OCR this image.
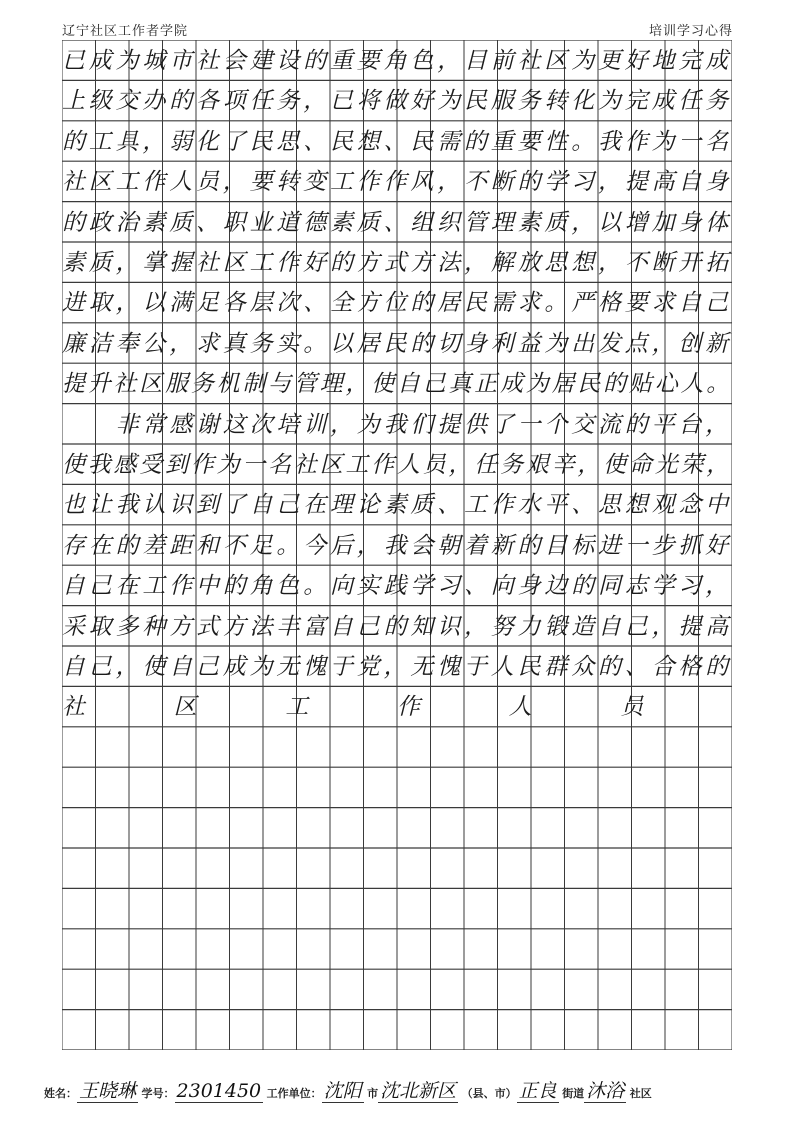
辽宁社区工作者学院	培训学习心得
已成为城市社会建设的重要角色，目前社区为更好地完成
上级交办的各项任务，已将做好为民服务转化为完成任务
的工具，弱化了民思、民想、民需的重要性。我作为一名
社区工作人员，要转变工作作风，不断的学习，提高自身
的政治素质、职业道德素质、组织管理素质，以增加身体
素质，掌握社区工作好的方式方法，解放思想，不断开拓
进取，以满足各层次、全方位的居民需求。严格要求自己
廉洁奉公，求真务实。以居民的切身利益为出发点，创新
提升社区服务机制与管理，使自己真正成为居民的贴心人。
　　非常感谢这次培训，为我们提供了一个交流的平台，
使我感受到作为一名社区工作人员，任务艰辛，使命光荣，
也让我认识到了自己在理论素质、工作水平、思想观念中
存在的差距和不足。今后，我会朝着新的目标进一步抓好
自己在工作中的角色。向实践学习、向身边的同志学习，
采取多种方式方法丰富自己的知识，努力锻造自己，提高
自己，使自己成为无愧于党，无愧于人民群众的、合格的
社区工作人员
姓名： 王晓琳 学号： 2301450 工作单位： 沈阳 市 沈北新区 （县、市） 正良 街道 沐浴 社区
